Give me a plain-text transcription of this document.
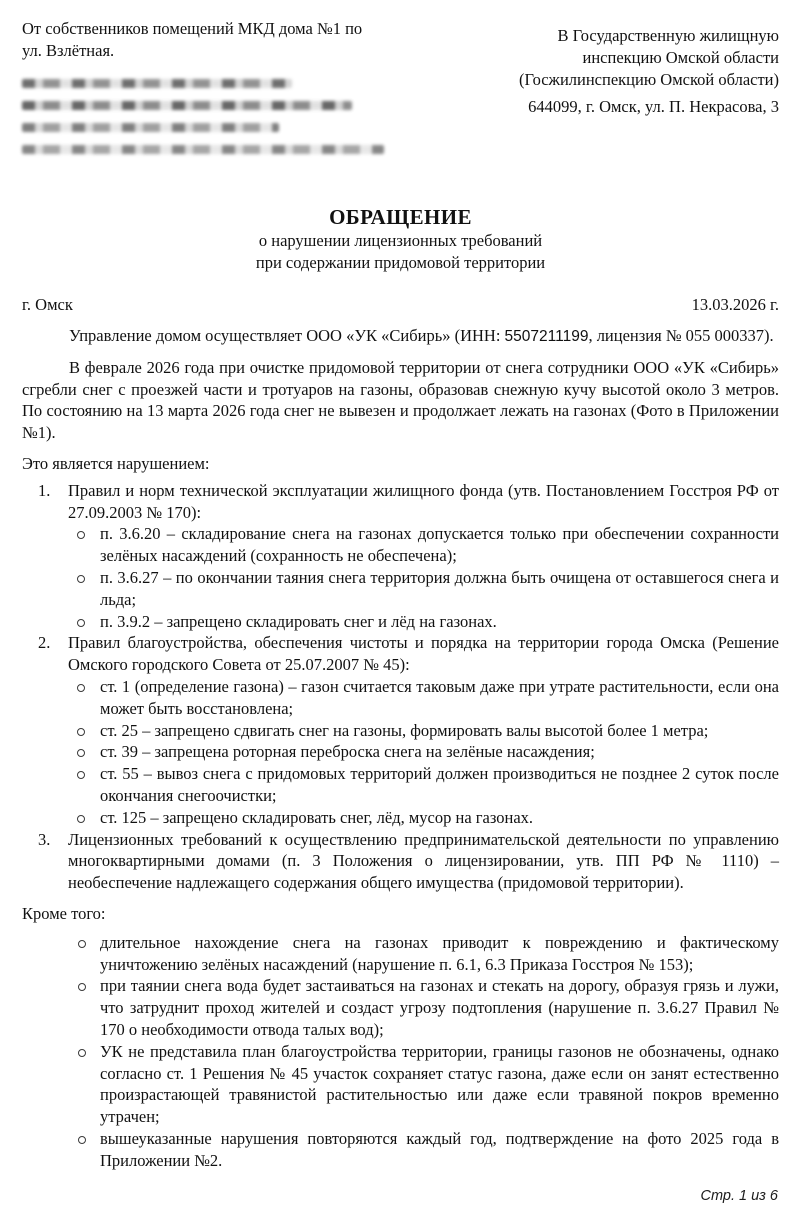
От собственников помещений МКД дома №1 по ул. Взлётная.
В Государственную жилищную
инспекцию Омской области
(Госжилинспекцию Омской области)
644099, г. Омск, ул. П. Некрасова, 3
ОБРАЩЕНИЕ
о нарушении лицензионных требований
при содержании придомовой территории
г. Омск	13.03.2026 г.
Управление домом осуществляет ООО «УК «Сибирь» (ИНН: 5507211199, лицензия № 055 000337).
В феврале 2026 года при очистке придомовой территории от снега сотрудники ООО «УК «Сибирь» сгребли снег с проезжей части и тротуаров на газоны, образовав снежную кучу высотой около 3 метров. По состоянию на 13 марта 2026 года снег не вывезен и продолжает лежать на газонах (Фото в Приложении №1).
Это является нарушением:
1. Правил и норм технической эксплуатации жилищного фонда (утв. Постановлением Госстроя РФ от 27.09.2003 № 170):
п. 3.6.20 – складирование снега на газонах допускается только при обеспечении сохранности зелёных насаждений (сохранность не обеспечена);
п. 3.6.27 – по окончании таяния снега территория должна быть очищена от оставшегося снега и льда;
п. 3.9.2 – запрещено складировать снег и лёд на газонах.
2. Правил благоустройства, обеспечения чистоты и порядка на территории города Омска (Решение Омского городского Совета от 25.07.2007 № 45):
ст. 1 (определение газона) – газон считается таковым даже при утрате растительности, если она может быть восстановлена;
ст. 25 – запрещено сдвигать снег на газоны, формировать валы высотой более 1 метра;
ст. 39 – запрещена роторная переброска снега на зелёные насаждения;
ст. 55 – вывоз снега с придомовых территорий должен производиться не позднее 2 суток после окончания снегоочистки;
ст. 125 – запрещено складировать снег, лёд, мусор на газонах.
3. Лицензионных требований к осуществлению предпринимательской деятельности по управлению многоквартирными домами (п. 3 Положения о лицензировании, утв. ПП РФ № 1110) – необеспечение надлежащего содержания общего имущества (придомовой территории).
Кроме того:
длительное нахождение снега на газонах приводит к повреждению и фактическому уничтожению зелёных насаждений (нарушение п. 6.1, 6.3 Приказа Госстроя № 153);
при таянии снега вода будет застаиваться на газонах и стекать на дорогу, образуя грязь и лужи, что затруднит проход жителей и создаст угрозу подтопления (нарушение п. 3.6.27 Правил № 170 о необходимости отвода талых вод);
УК не представила план благоустройства территории, границы газонов не обозначены, однако согласно ст. 1 Решения № 45 участок сохраняет статус газона, даже если он занят естественно произрастающей травянистой растительностью или даже если травяной покров временно утрачен;
вышеуказанные нарушения повторяются каждый год, подтверждение на фото 2025 года в Приложении №2.
Стр. 1 из 6
